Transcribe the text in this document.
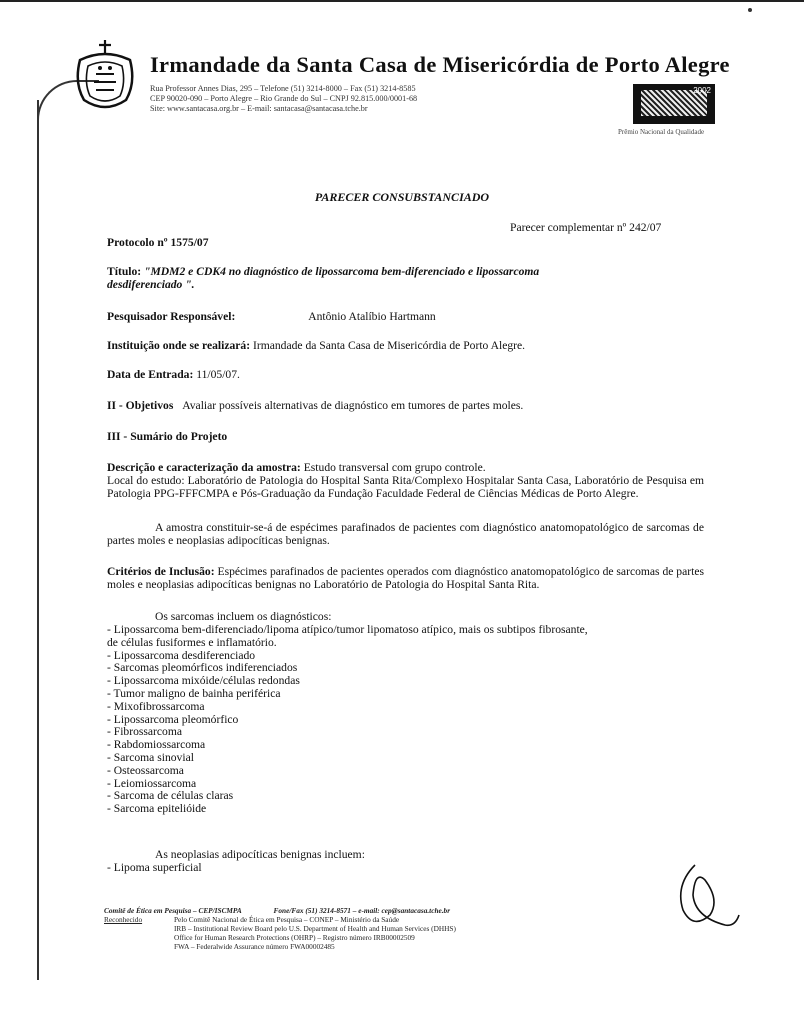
Irmandade da Santa Casa de Misericórdia de Porto Alegre
Rua Professor Annes Dias, 295 – Telefone (51) 3214-8000 – Fax (51) 3214-8585
CEP 90020-090 – Porto Alegre – Rio Grande do Sul – CNPJ 92.815.000/0001-68
Site: www.santacasa.org.br – E-mail: santacasa@santacasa.tche.br
2002
Prêmio Nacional da Qualidade
PARECER CONSUBSTANCIADO
Parecer complementar nº 242/07
Protocolo nº 1575/07
Título: "MDM2 e CDK4 no diagnóstico de lipossarcoma bem-diferenciado e lipossarcoma
desdiferenciado ".
Pesquisador Responsável:	Antônio Atalíbio Hartmann
Instituição onde se realizará: Irmandade da Santa Casa de Misericórdia de Porto Alegre.
Data de Entrada: 11/05/07.
II - Objetivos Avaliar possíveis alternativas de diagnóstico em tumores de partes moles.
III - Sumário do Projeto
Descrição e caracterização da amostra: Estudo transversal com grupo controle.
Local do estudo: Laboratório de Patologia do Hospital Santa Rita/Complexo Hospitalar Santa Casa, Laboratório de Pesquisa em Patologia PPG-FFFCMPA e Pós-Graduação da Fundação Faculdade Federal de Ciências Médicas de Porto Alegre.
A amostra constituir-se-á de espécimes parafinados de pacientes com diagnóstico anatomopatológico de sarcomas de partes moles e neoplasias adipocíticas benignas.
Critérios de Inclusão: Espécimes parafinados de pacientes operados com diagnóstico anatomopatológico de sarcomas de partes moles e neoplasias adipocíticas benignas no Laboratório de Patologia do Hospital Santa Rita.
Os sarcomas incluem os diagnósticos:
- Lipossarcoma bem-diferenciado/lipoma atípico/tumor lipomatoso atípico, mais os subtipos fibrosante,
de células fusiformes e inflamatório.
- Lipossarcoma desdiferenciado
- Sarcomas pleomórficos indiferenciados
- Lipossarcoma mixóide/células redondas
- Tumor maligno de bainha periférica
- Mixofibrossarcoma
- Lipossarcoma pleomórfico
- Fibrossarcoma
- Rabdomiossarcoma
- Sarcoma sinovial
- Osteossarcoma
- Leiomiossarcoma
- Sarcoma de células claras
- Sarcoma epitelióide
As neoplasias adipocíticas benignas incluem:
- Lipoma superficial
Comitê de Ética em Pesquisa – CEP/ISCMPA	Fone/Fax (51) 3214-8571 – e-mail: cep@santacasa.tche.br
Reconhecido	Pelo Comitê Nacional de Ética em Pesquisa – CONEP – Ministério da Saúde
IRB – Institutional Review Board pelo U.S. Department of Health and Human Services (DHHS)
Office for Human Research Protections (OHRP) – Registro número IRB00002509
FWA – Federalwide Assurance número FWA00002485
